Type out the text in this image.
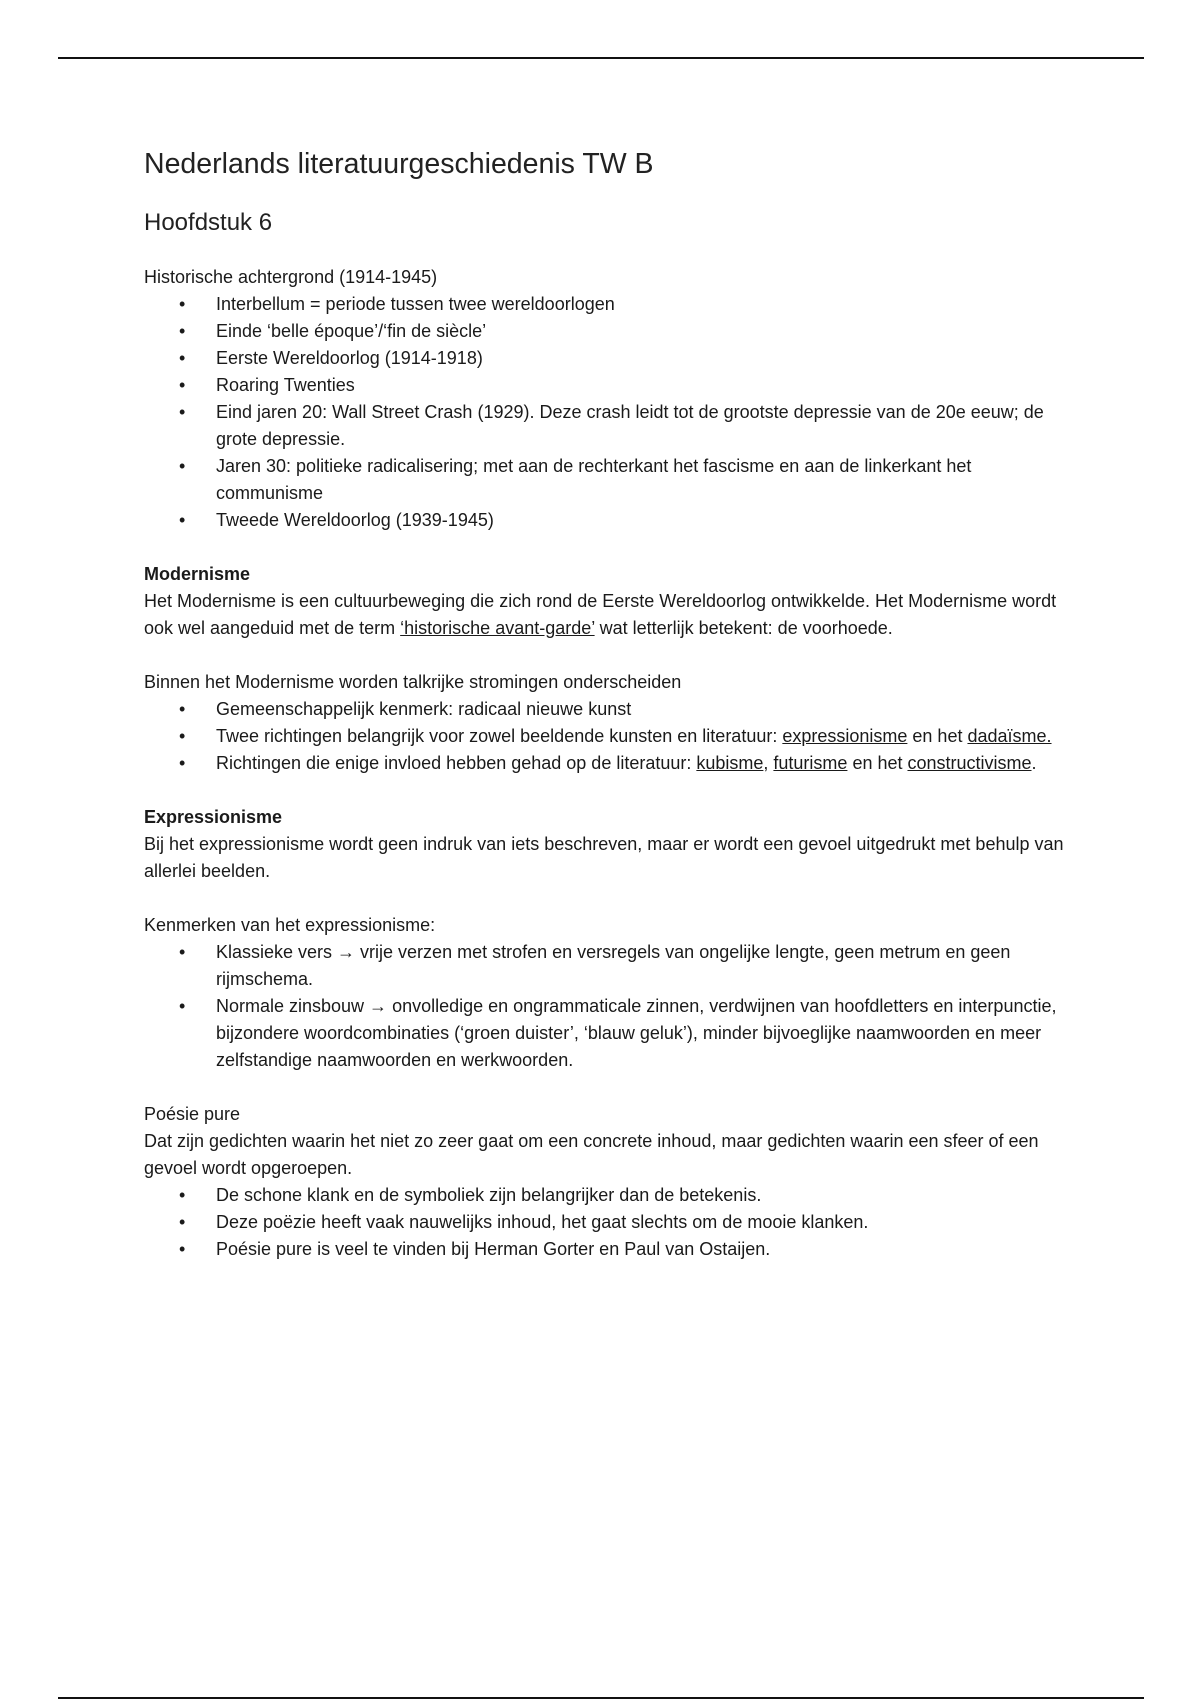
Nederlands literatuurgeschiedenis TW B
Hoofdstuk 6

Historische achtergrond (1914-1945)

• Interbellum = periode tussen twee wereldoorlogen
• Einde ‘belle époque’/‘fin de siècle’
• Eerste Wereldoorlog (1914-1918)
• Roaring Twenties
• Eind jaren 20: Wall Street Crash (1929). Deze crash leidt tot de grootste depressie van de 20e eeuw; de grote depressie.
• Jaren 30: politieke radicalisering; met aan de rechterkant het fascisme en aan de linkerkant het communisme
• Tweede Wereldoorlog (1939-1945)

Modernisme

Het Modernisme is een cultuurbeweging die zich rond de Eerste Wereldoorlog ontwikkelde. Het Modernisme wordt ook wel aangeduid met de term ‘historische avant-garde’ wat letterlijk betekent: de voorhoede.

Binnen het Modernisme worden talkrijke stromingen onderscheiden

• Gemeenschappelijk kenmerk: radicaal nieuwe kunst
• Twee richtingen belangrijk voor zowel beeldende kunsten en literatuur: expressionisme en het dadaïsme.
• Richtingen die enige invloed hebben gehad op de literatuur: kubisme, futurisme en het constructivisme.

Expressionisme

Bij het expressionisme wordt geen indruk van iets beschreven, maar er wordt een gevoel uitgedrukt met behulp van allerlei beelden.

Kenmerken van het expressionisme:

• Klassieke vers → vrije verzen met strofen en versregels van ongelijke lengte, geen metrum en geen rijmschema.
• Normale zinsbouw → onvolledige en ongrammaticale zinnen, verdwijnen van hoofdletters en interpunctie, bijzondere woordcombinaties (‘groen duister’, ‘blauw geluk’), minder bijvoeglijke naamwoorden en meer zelfstandige naamwoorden en werkwoorden.

Poésie pure

Dat zijn gedichten waarin het niet zo zeer gaat om een concrete inhoud, maar gedichten waarin een sfeer of een gevoel wordt opgeroepen.

• De schone klank en de symboliek zijn belangrijker dan de betekenis.
• Deze poëzie heeft vaak nauwelijks inhoud, het gaat slechts om de mooie klanken.
• Poésie pure is veel te vinden bij Herman Gorter en Paul van Ostaijen.
